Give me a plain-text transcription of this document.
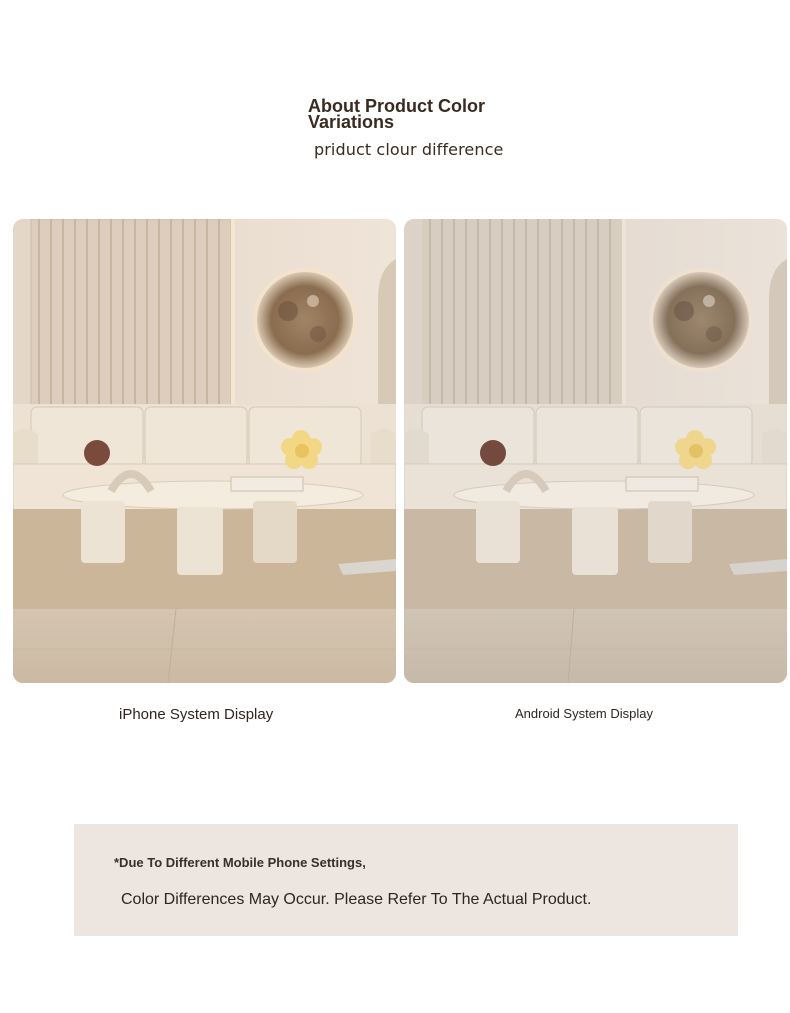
About Product Color Variations
priduct clour difference
iPhone System Display	Android System Display
*Due To Different Mobile Phone Settings,
Color Differences May Occur. Please Refer To The Actual Product.
